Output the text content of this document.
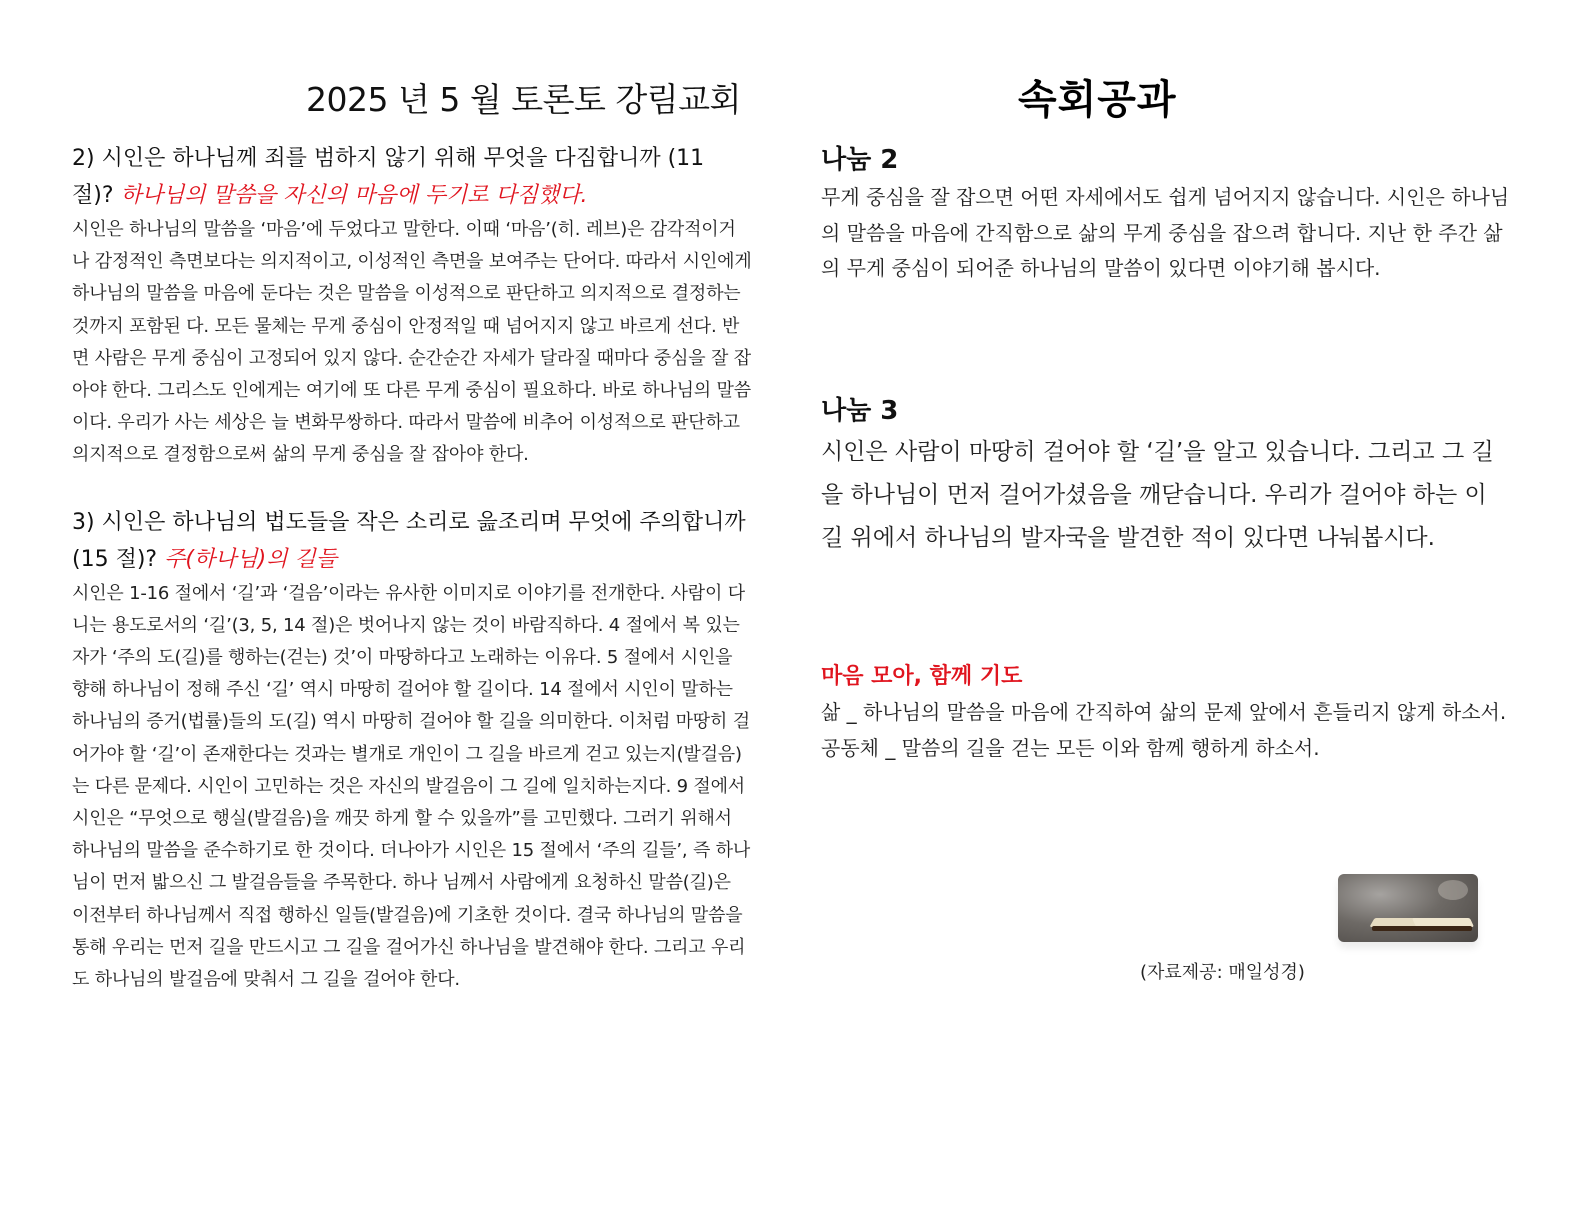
2025 년 5 월 토론토 강림교회	속회공과

2) 시인은 하나님께 죄를 범하지 않기 위해 무엇을 다짐합니까 (11 절)? 하나님의 말씀을 자신의 마음에 두기로 다짐했다.

시인은 하나님의 말씀을 ‘마음’에 두었다고 말한다. 이때 ‘마음’(히. 레브)은 감각적이거나 감정적인 측면보다는 의지적이고, 이성적인 측면을 보여주는 단어다. 따라서 시인에게 하나님의 말씀을 마음에 둔다는 것은 말씀을 이성적으로 판단하고 의지적으로 결정하는 것까지 포함된 다. 모든 물체는 무게 중심이 안정적일 때 넘어지지 않고 바르게 선다. 반면 사람은 무게 중심이 고정되어 있지 않다. 순간순간 자세가 달라질 때마다 중심을 잘 잡아야 한다. 그리스도 인에게는 여기에 또 다른 무게 중심이 필요하다. 바로 하나님의 말씀이다. 우리가 사는 세상은 늘 변화무쌍하다. 따라서 말씀에 비추어 이성적으로 판단하고 의지적으로 결정함으로써 삶의 무게 중심을 잘 잡아야 한다.

3) 시인은 하나님의 법도들을 작은 소리로 읊조리며 무엇에 주의합니까(15 절)? 주(하나님)의 길들

시인은 1-16 절에서 ‘길’과 ‘걸음’이라는 유사한 이미지로 이야기를 전개한다. 사람이 다니는 용도로서의 ‘길’(3, 5, 14 절)은 벗어나지 않는 것이 바람직하다. 4 절에서 복 있는 자가 ‘주의 도(길)를 행하는(걷는) 것’이 마땅하다고 노래하는 이유다. 5 절에서 시인을 향해 하나님이 정해 주신 ‘길’ 역시 마땅히 걸어야 할 길이다. 14 절에서 시인이 말하는 하나님의 증거(법률)들의 도(길) 역시 마땅히 걸어야 할 길을 의미한다. 이처럼 마땅히 걸어가야 할 ‘길’이 존재한다는 것과는 별개로 개인이 그 길을 바르게 걷고 있는지(발걸음)는 다른 문제다. 시인이 고민하는 것은 자신의 발걸음이 그 길에 일치하는지다. 9 절에서 시인은 “무엇으로 행실(발걸음)을 깨끗 하게 할 수 있을까”를 고민했다. 그러기 위해서 하나님의 말씀을 준수하기로 한 것이다. 더나아가 시인은 15 절에서 ‘주의 길들’, 즉 하나님이 먼저 밟으신 그 발걸음들을 주목한다. 하나 님께서 사람에게 요청하신 말씀(길)은 이전부터 하나님께서 직접 행하신 일들(발걸음)에 기초한 것이다. 결국 하나님의 말씀을 통해 우리는 먼저 길을 만드시고 그 길을 걸어가신 하나님을 발견해야 한다. 그리고 우리도 하나님의 발걸음에 맞춰서 그 길을 걸어야 한다.

나눔 2

무게 중심을 잘 잡으면 어떤 자세에서도 쉽게 넘어지지 않습니다. 시인은 하나님의 말씀을 마음에 간직함으로 삶의 무게 중심을 잡으려 합니다. 지난 한 주간 삶의 무게 중심이 되어준 하나님의 말씀이 있다면 이야기해 봅시다.

나눔 3

시인은 사람이 마땅히 걸어야 할 ‘길’을 알고 있습니다. 그리고 그 길을 하나님이 먼저 걸어가셨음을 깨닫습니다. 우리가 걸어야 하는 이 길 위에서 하나님의 발자국을 발견한 적이 있다면 나눠봅시다.

마음 모아, 함께 기도

삶 _ 하나님의 말씀을 마음에 간직하여 삶의 문제 앞에서 흔들리지 않게 하소서.

공동체 _ 말씀의 길을 걷는 모든 이와 함께 행하게 하소서.

(자료제공: 매일성경)
